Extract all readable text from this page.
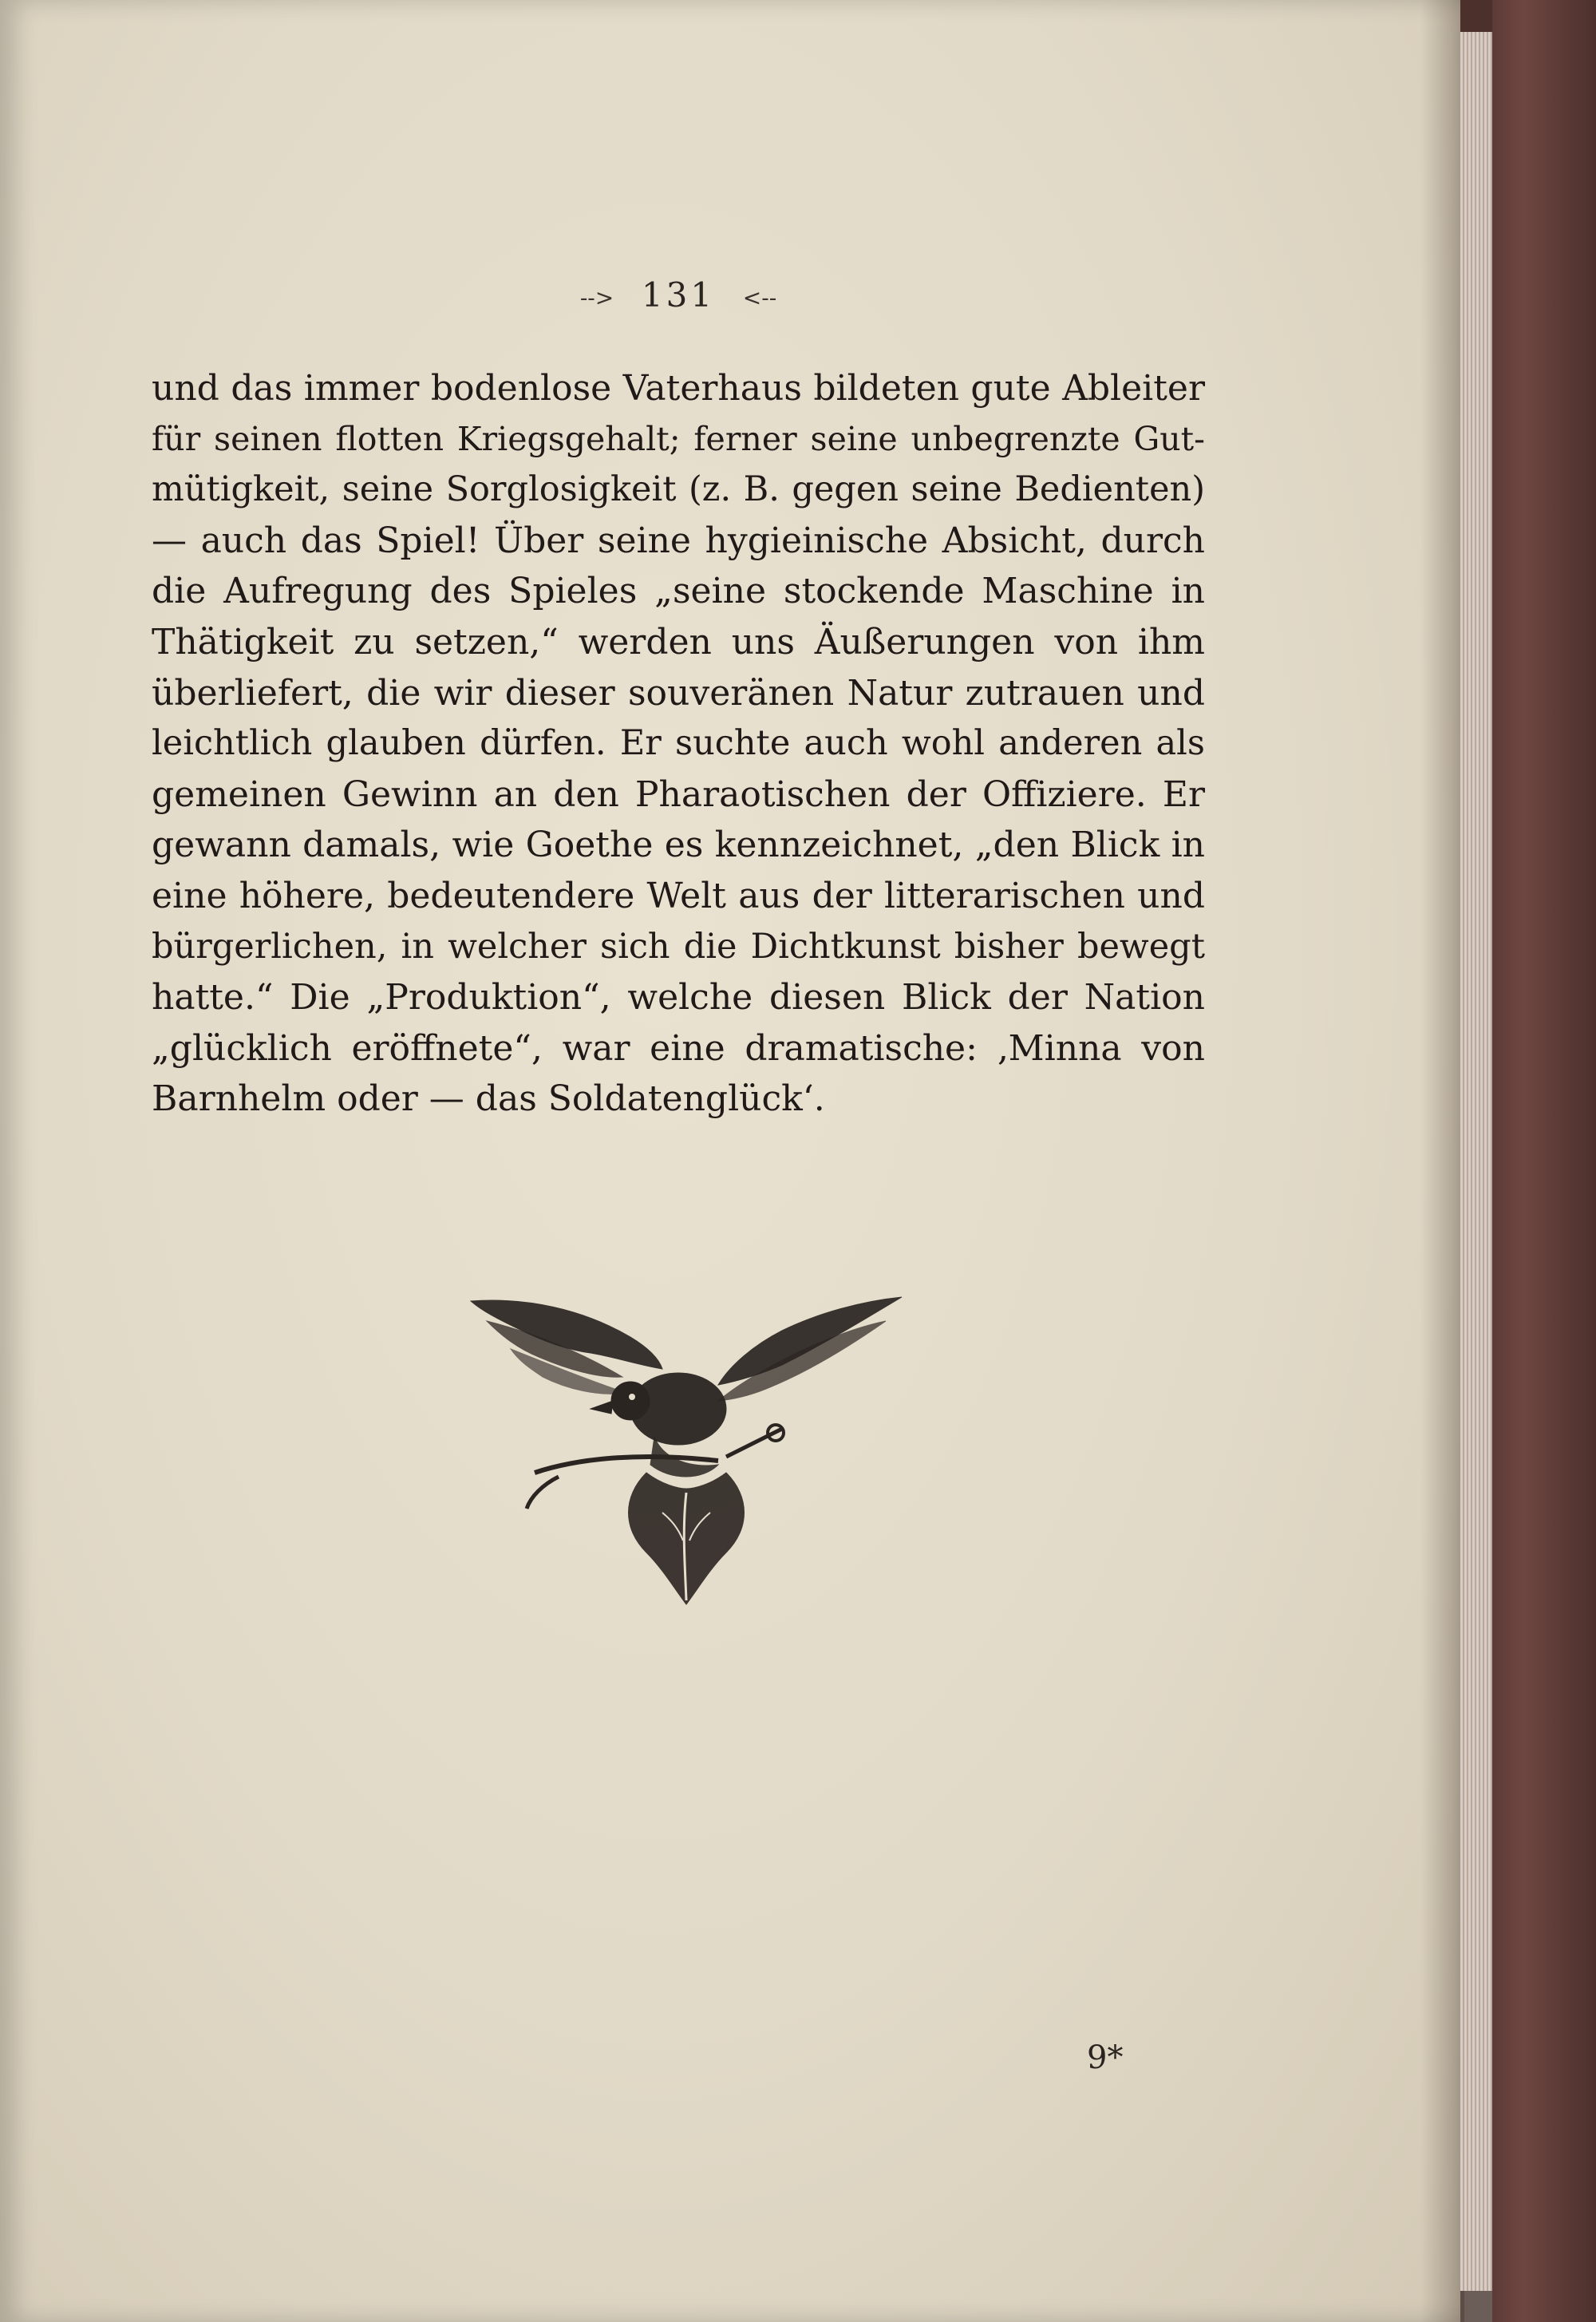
--> 131 <--
und das immer bodenlose Vaterhaus bildeten gute Ableiter
für seinen flotten Kriegsgehalt; ferner seine unbegrenzte Gut-
mütigkeit, seine Sorglosigkeit (z. B. gegen seine Bedienten)
— auch das Spiel! Über seine hygieinische Absicht, durch
die Aufregung des Spieles „seine stockende Maschine in
Thätigkeit zu setzen,“ werden uns Äußerungen von ihm
überliefert, die wir dieser souveränen Natur zutrauen und
leichtlich glauben dürfen. Er suchte auch wohl anderen als
gemeinen Gewinn an den Pharaotischen der Offiziere. Er
gewann damals, wie Goethe es kennzeichnet, „den Blick in
eine höhere, bedeutendere Welt aus der litterarischen und
bürgerlichen, in welcher sich die Dichtkunst bisher bewegt
hatte.“ Die „Produktion“, welche diesen Blick der Nation
„glücklich eröffnete“, war eine dramatische: ‚Minna von
Barnhelm oder — das Soldatenglück‘.
9*
